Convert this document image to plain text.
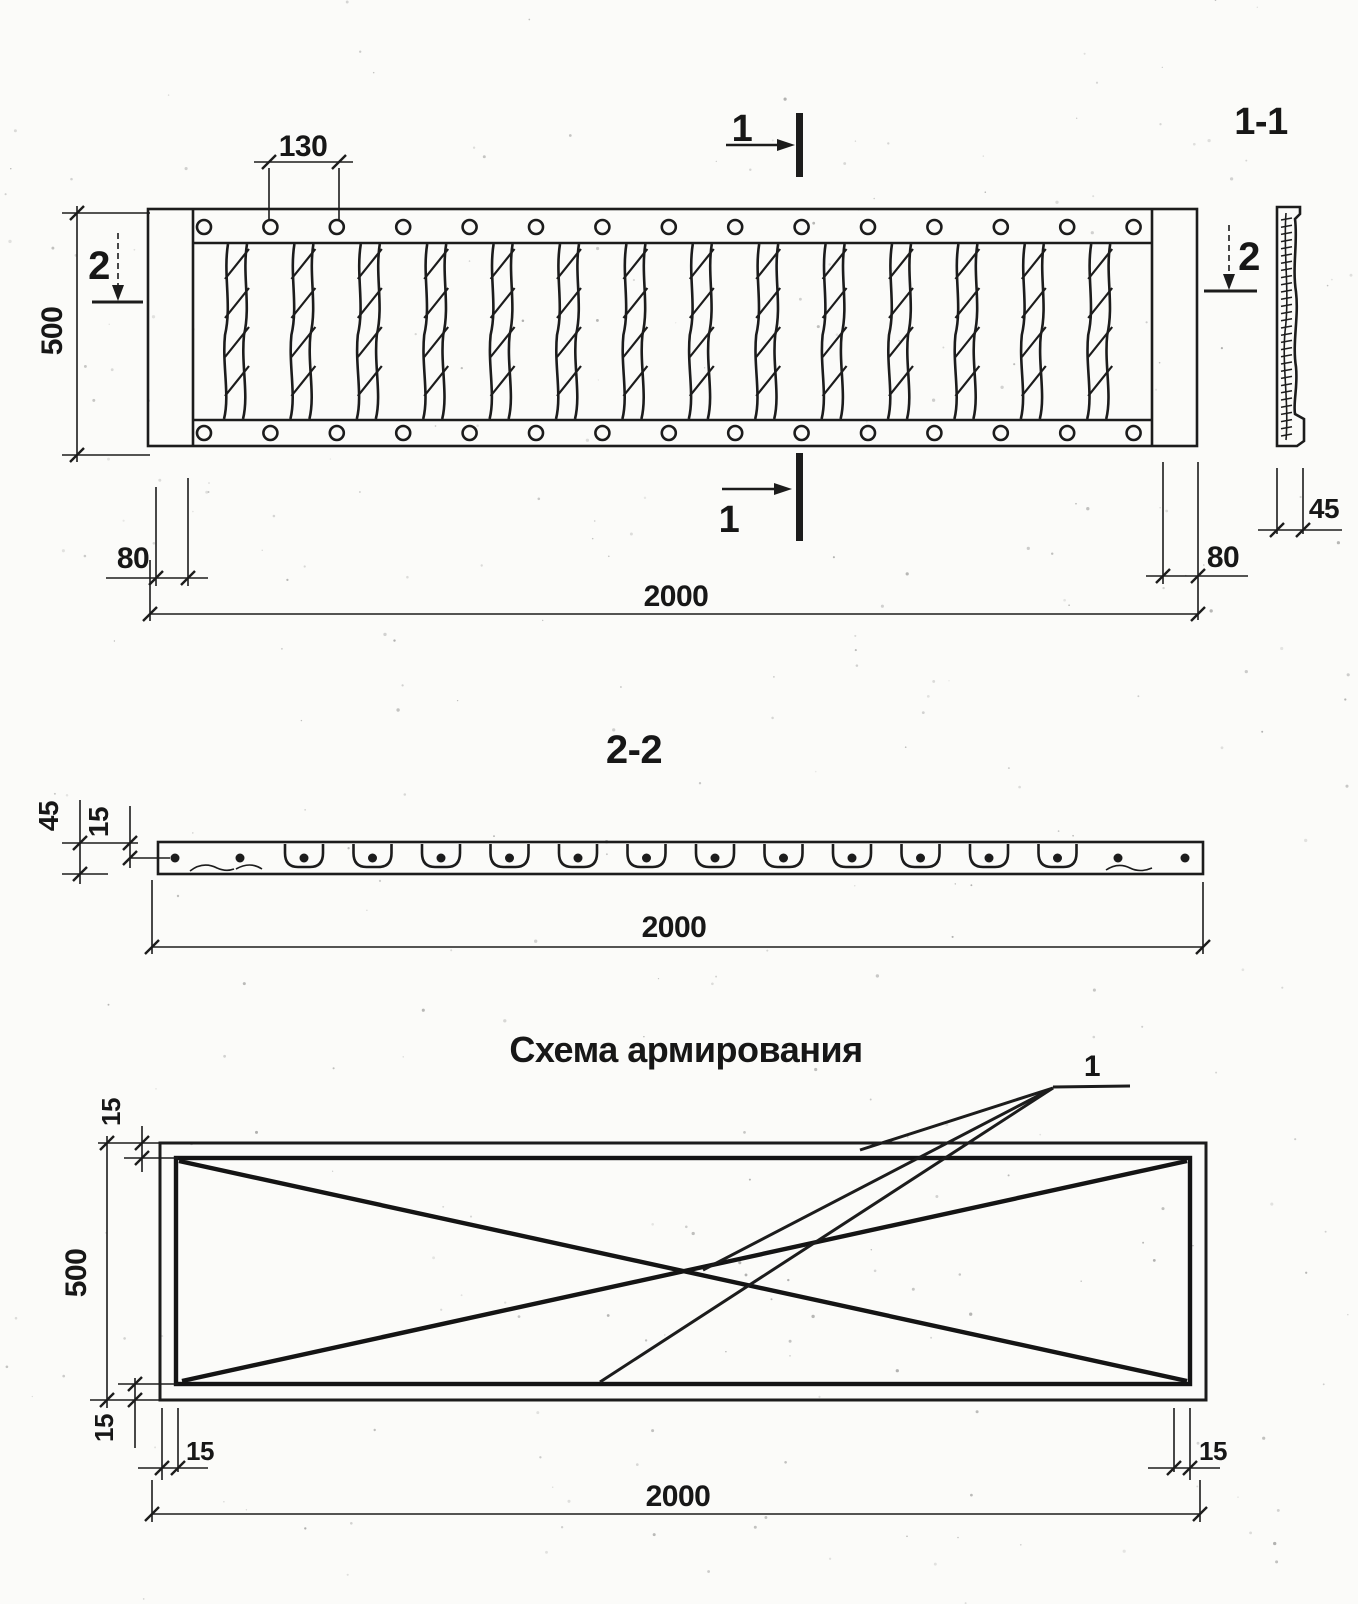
130
500
2	2
1
1
80	80
2000
1-1
45
2-2
45 15
2000
Схема армирования	1
15
500
15
15	15
2000
